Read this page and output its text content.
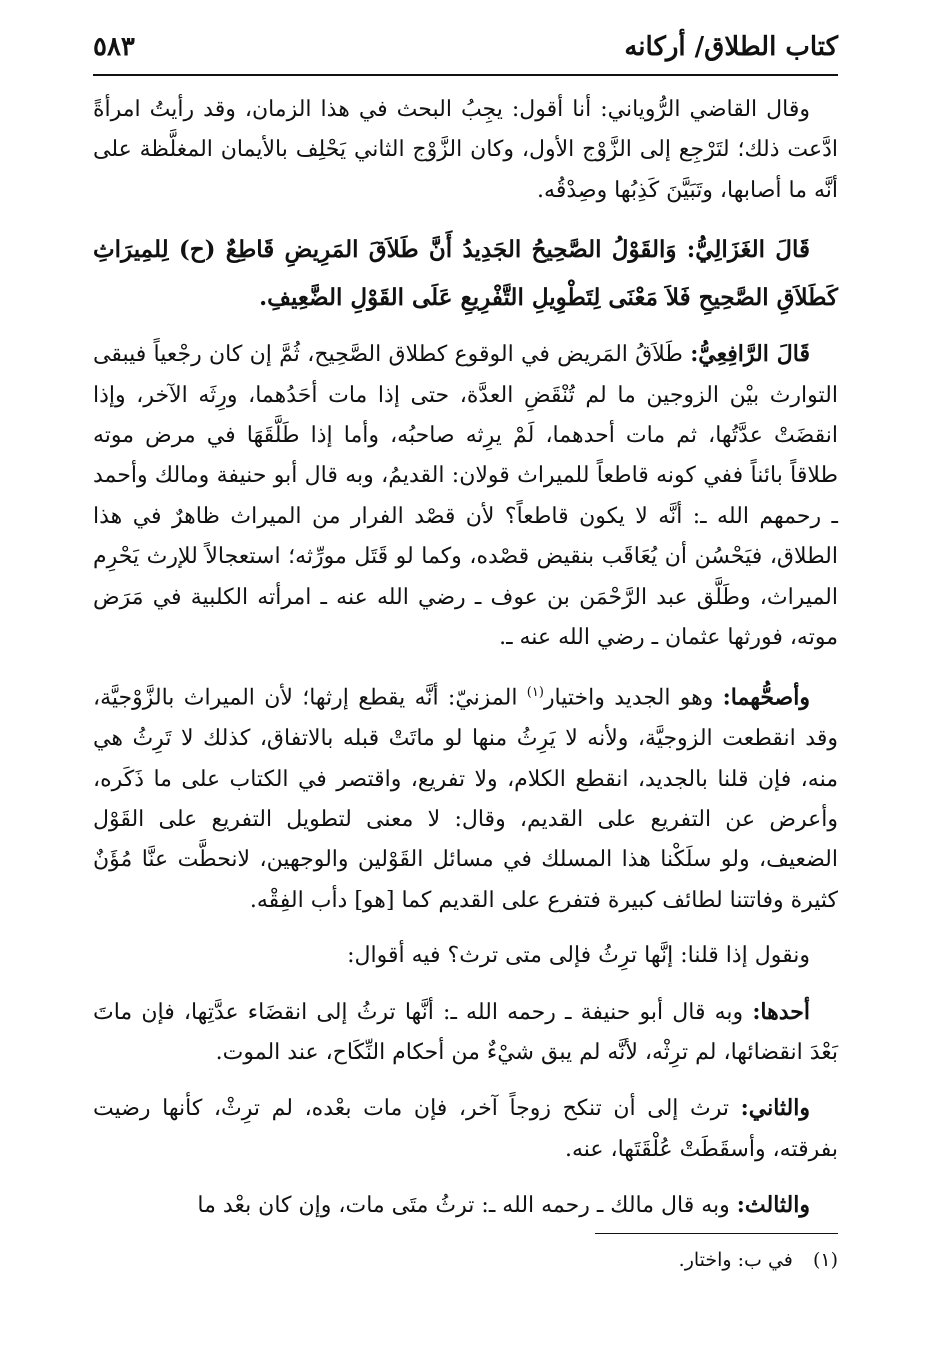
كتاب الطلاق/ أركانه
٥٨٣

وقال القاضي الرُّوياني: أنا أقول: يجِبُ البحث في هذا الزمان، وقد رأيتُ امرأةً ادَّعت ذلك؛ لتَرْجِع إلى الزَّوْج الأول، وكان الزَّوْج الثاني يَحْلِف بالأيمان المغلَّظة على أنَّه ما أصابها، وتَبَيَّنَ كَذِبُها وصِدْقُه.

قَالَ الغَزَالِيُّ: وَالقَوْلُ الصَّحِيحُ الجَدِيدُ أَنَّ طَلاَقَ المَرِيضِ قَاطِعٌ (ح) لِلمِيرَاثِ كَطَلاَقِ الصَّحِيحِ فَلاَ مَعْنَى لِتَطْوِيلِ التَّفْرِيعِ عَلَى القَوْلِ الضَّعِيفِ.

قَالَ الرَّافِعِيُّ: طَلاَقُ المَريض في الوقوع كطلاق الصَّحِيح، ثُمَّ إن كان رجْعياً فيبقى التوارث بيْن الزوجين ما لم تُنْقَضِ العدَّة، حتى إذا مات أحَدُهما، ورِثَه الآخر، وإذا انقضَتْ عدَّتُها، ثم مات أحدهما، لَمْ يرِثه صاحبُه، وأما إذا طَلَّقَهَا في مرض موته طلاقاً بائناً ففي كونه قاطعاً للميراث قولان: القديمُ، وبه قال أبو حنيفة ومالك وأحمد ـ رحمهم الله ـ: أنَّه لا يكون قاطعاً؟ لأن قصْد الفرار من الميراث ظاهرٌ في هذا الطلاق، فيَحْسُن أن يُعَاقَب بنقيض قصْده، وكما لو قَتَل مورِّثه؛ استعجالاً للإرث يَحْرِم الميراث، وطَلَّق عبد الرَّحْمَن بن عوف ـ رضي الله عنه ـ امرأته الكلبية في مَرَض موته، فورثها عثمان ـ رضي الله عنه ـ.

وأصحُّهما: وهو الجديد واختيار$^{(١)}$ المزنيّ: أنَّه يقطع إرثها؛ لأن الميراث بالزَّوْجيَّة، وقد انقطعت الزوجيَّة، ولأنه لا يَرِثُ منها لو ماتَتْ قبله بالاتفاق، كذلك لا تَرِثُ هي منه، فإن قلنا بالجديد، انقطع الكلام، ولا تفريع، واقتصر في الكتاب على ما ذَكَره، وأعرض عن التفريع على القديم، وقال: لا معنى لتطويل التفريع على القَوْل الضعيف، ولو سلَكْنا هذا المسلك في مسائل القَوْلين والوجهين، لانحطَّت عنَّا مُؤَنٌ كثيرة وفاتتنا لطائف كبيرة فتفرع على القديم كما [هو] دأب الفِقْه.

ونقول إذا قلنا: إنَّها ترِثُ فإلى متى ترث؟ فيه أقوال:

أحدها: وبه قال أبو حنيفة ـ رحمه الله ـ: أنَّها ترثُ إلى انقضَاء عدَّتِها، فإن ماتَ بَعْدَ انقضائها، لم ترِثْه، لأنَّه لم يبق شيْءٌ من أحكام النِّكَاح، عند الموت.

والثاني: ترث إلى أن تنكح زوجاً آخر، فإن مات بعْده، لم ترِثْ، كأنها رضيت بفرقته، وأسقَطَتْ عُلْقَتَها، عنه.

والثالث: وبه قال مالك ـ رحمه الله ـ: ترثُ متَى مات، وإن كان بعْد ما

(١) في ب: واختار.
